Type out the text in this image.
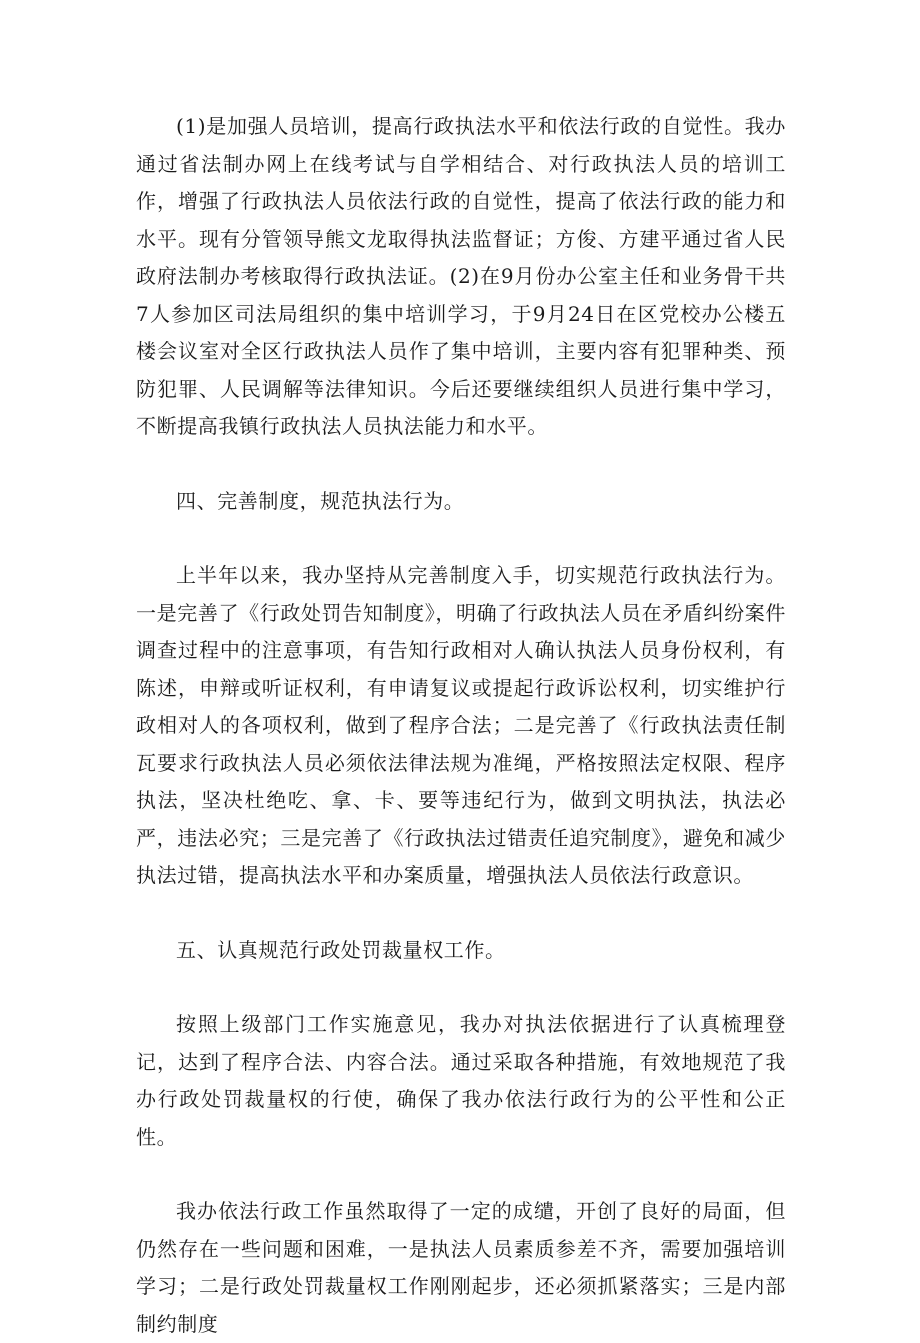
(1)是加强人员培训，提高行政执法水平和依法行政的自觉性。我办通过省法制办网上在线考试与自学相结合、对行政执法人员的培训工作，增强了行政执法人员依法行政的自觉性，提高了依法行政的能力和水平。现有分管领导熊文龙取得执法监督证；方俊、方建平通过省人民政府法制办考核取得行政执法证。(2)在9月份办公室主任和业务骨干共7人参加区司法局组织的集中培训学习，于9月24日在区党校办公楼五楼会议室对全区行政执法人员作了集中培训，主要内容有犯罪种类、预防犯罪、人民调解等法律知识。今后还要继续组织人员进行集中学习，不断提高我镇行政执法人员执法能力和水平。

四、完善制度，规范执法行为。

上半年以来，我办坚持从完善制度入手，切实规范行政执法行为。一是完善了《行政处罚告知制度》，明确了行政执法人员在矛盾纠纷案件调查过程中的注意事项，有告知行政相对人确认执法人员身份权利，有陈述，申辩或听证权利，有申请复议或提起行政诉讼权利，切实维护行政相对人的各项权利，做到了程序合法；二是完善了《行政执法责任制瓦要求行政执法人员必须依法律法规为准绳，严格按照法定权限、程序执法，坚决杜绝吃、拿、卡、要等违纪行为，做到文明执法，执法必严，违法必究；三是完善了《行政执法过错责任追究制度》，避免和减少执法过错，提高执法水平和办案质量，增强执法人员依法行政意识。

五、认真规范行政处罚裁量权工作。

按照上级部门工作实施意见，我办对执法依据进行了认真梳理登记，达到了程序合法、内容合法。通过采取各种措施，有效地规范了我办行政处罚裁量权的行使，确保了我办依法行政行为的公平性和公正性。

我办依法行政工作虽然取得了一定的成缱，开创了良好的局面，但仍然存在一些问题和困难，一是执法人员素质参差不齐，需要加强培训学习；二是行政处罚裁量权工作刚刚起步，还必须抓紧落实；三是内部制约制度
